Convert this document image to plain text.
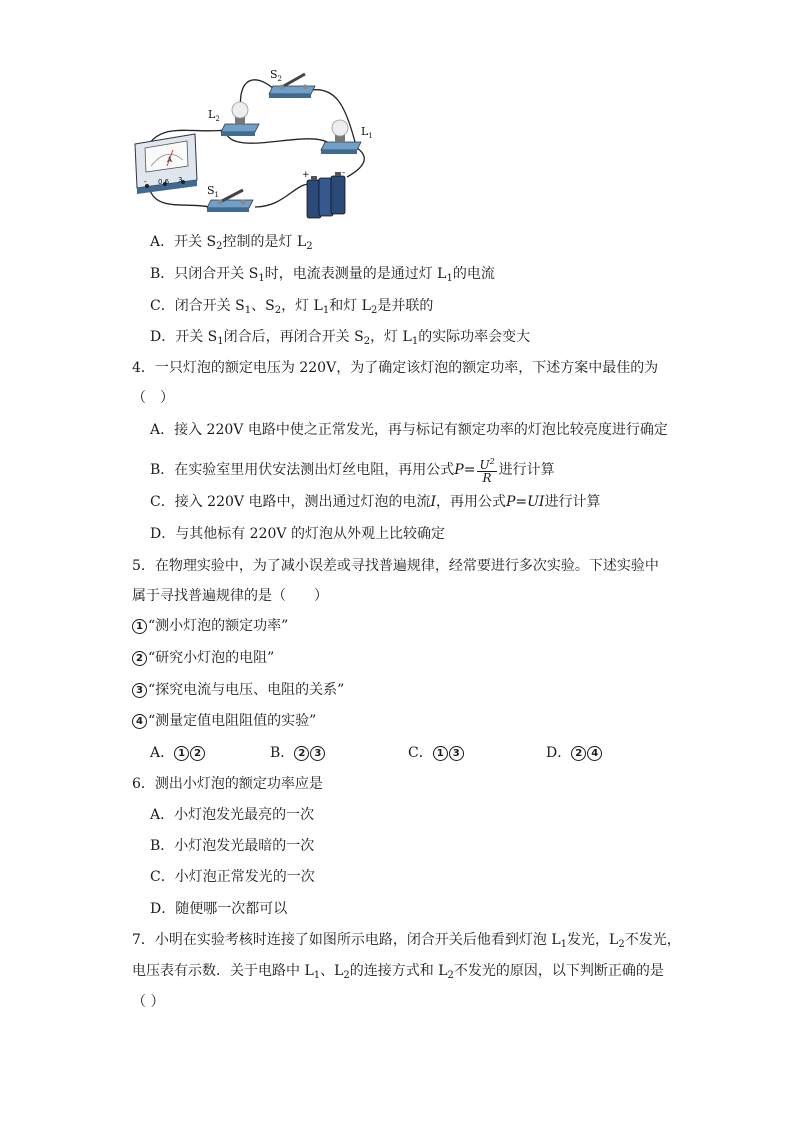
$S_2$
$L_2$
$L_1$
A
- 0.6 3
$S_1$
+	-
A．开关 $S_2$控制的是灯 $L_2$
B．只闭合开关 $S_1$时，电流表测量的是通过灯 $L_1$的电流
C．闭合开关 $S_1$、$S_2$，灯 $L_1$和灯 $L_2$是并联的
D．开关 $S_1$闭合后，再闭合开关 $S_2$，灯 $L_1$的实际功率会变大
4．一只灯泡的额定电压为 220V，为了确定该灯泡的额定功率，下述方案中最佳的为
（　）
A．接入 220V 电路中使之正常发光，再与标记有额定功率的灯泡比较亮度进行确定
B．在实验室里用伏安法测出灯丝电阻，再用公式$P= \frac{U^2}{R}$ 进行计算
C．接入 220V 电路中，测出通过灯泡的电流I，再用公式P=UI进行计算
D．与其他标有 220V 的灯泡从外观上比较确定
5．在物理实验中，为了减小误差或寻找普遍规律，经常要进行多次实验。下述实验中
属于寻找普遍规律的是（　　）
1 “测小灯泡的额定功率”
2 “研究小灯泡的电阻”
3 “探究电流与电压、电阻的关系”
4 “测量定值电阻阻值的实验”
A． 1 2	B． 2 3	C． 1 3	D． 2 4
6．测出小灯泡的额定功率应是
A．小灯泡发光最亮的一次
B．小灯泡发光最暗的一次
C．小灯泡正常发光的一次
D．随便哪一次都可以
7．小明在实验考核时连接了如图所示电路，闭合开关后他看到灯泡 $L_1$发光，$L_2$不发光，
电压表有示数．关于电路中 $L_1$、$L_2$的连接方式和 $L_2$不发光的原因，以下判断正确的是
（ ）
